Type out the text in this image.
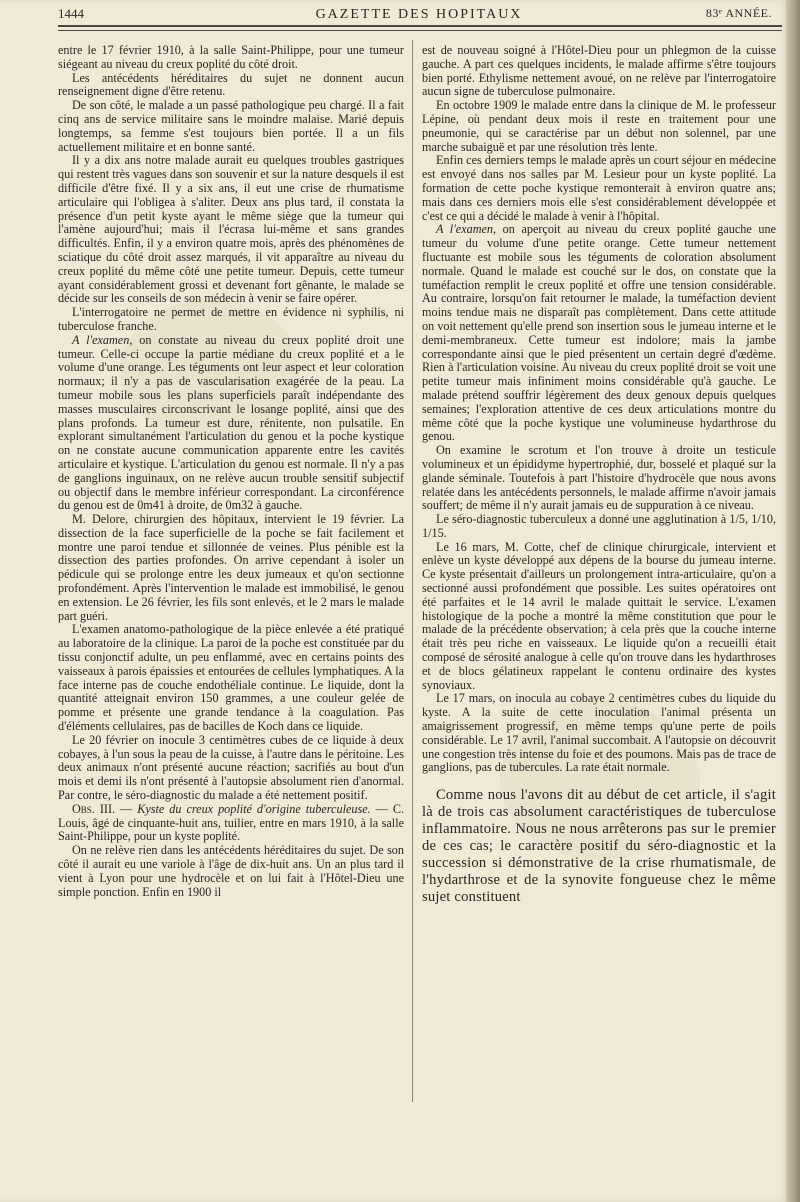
1444	GAZETTE DES HOPITAUX	83ᵉ ANNÉE.

entre le 17 février 1910, à la salle Saint-Philippe, pour une tumeur siégeant au niveau du creux poplité du côté droit.

Les antécédents héréditaires du sujet ne donnent aucun renseignement digne d'être retenu.

De son côté, le malade a un passé pathologique peu chargé. Il a fait cinq ans de service militaire sans le moindre malaise. Marié depuis longtemps, sa femme s'est toujours bien portée. Il a un fils actuellement militaire et en bonne santé.

Il y a dix ans notre malade aurait eu quelques troubles gastriques qui restent très vagues dans son souvenir et sur la nature desquels il est difficile d'être fixé. Il y a six ans, il eut une crise de rhumatisme articulaire qui l'obligea à s'aliter. Deux ans plus tard, il constata la présence d'un petit kyste ayant le même siège que la tumeur qui l'amène aujourd'hui; mais il l'écrasa lui-même et sans grandes difficultés. Enfin, il y a environ quatre mois, après des phénomènes de sciatique du côté droit assez marqués, il vit apparaître au niveau du creux poplité du même côté une petite tumeur. Depuis, cette tumeur ayant considérablement grossi et devenant fort gênante, le malade se décide sur les conseils de son médecin à venir se faire opérer.

L'interrogatoire ne permet de mettre en évidence ni syphilis, ni tuberculose franche.

A l'examen, on constate au niveau du creux poplité droit une tumeur. Celle-ci occupe la partie médiane du creux poplité et a le volume d'une orange. Les téguments ont leur aspect et leur coloration normaux; il n'y a pas de vascularisation exagérée de la peau. La tumeur mobile sous les plans superficiels paraît indépendante des masses musculaires circonscrivant le losange poplité, ainsi que des plans profonds. La tumeur est dure, rénitente, non pulsatile. En explorant simultanément l'articulation du genou et la poche kystique on ne constate aucune communication apparente entre les cavités articulaire et kystique. L'articulation du genou est normale. Il n'y a pas de ganglions inguinaux, on ne relève aucun trouble sensitif subjectif ou objectif dans le membre inférieur correspondant. La circonférence du genou est de 0m41 à droite, de 0m32 à gauche.

M. Delore, chirurgien des hôpitaux, intervient le 19 février. La dissection de la face superficielle de la poche se fait facilement et montre une paroi tendue et sillonnée de veines. Plus pénible est la dissection des parties profondes. On arrive cependant à isoler un pédicule qui se prolonge entre les deux jumeaux et qu'on sectionne profondément. Après l'intervention le malade est immobilisé, le genou en extension. Le 26 février, les fils sont enlevés, et le 2 mars le malade part guéri.

L'examen anatomo-pathologique de la pièce enlevée a été pratiqué au laboratoire de la clinique. La paroi de la poche est constituée par du tissu conjonctif adulte, un peu enflammé, avec en certains points des vaisseaux à parois épaissies et entourées de cellules lymphatiques. A la face interne pas de couche endothéliale continue. Le liquide, dont la quantité atteignait environ 150 grammes, a une couleur gelée de pomme et présente une grande tendance à la coagulation. Pas d'éléments cellulaires, pas de bacilles de Koch dans ce liquide.

Le 20 février on inocule 3 centimètres cubes de ce liquide à deux cobayes, à l'un sous la peau de la cuisse, à l'autre dans le péritoine. Les deux animaux n'ont présenté aucune réaction; sacrifiés au bout d'un mois et demi ils n'ont présenté à l'autopsie absolument rien d'anormal. Par contre, le séro-diagnostic du malade a été nettement positif.

Obs. III. — Kyste du creux poplité d'origine tuberculeuse. — C. Louis, âgé de cinquante-huit ans, tuilier, entre en mars 1910, à la salle Saint-Philippe, pour un kyste poplité.

On ne relève rien dans les antécédents héréditaires du sujet. De son côté il aurait eu une variole à l'âge de dix-huit ans. Un an plus tard il vient à Lyon pour une hydrocèle et on lui fait à l'Hôtel-Dieu une simple ponction. Enfin en 1900 il

est de nouveau soigné à l'Hôtel-Dieu pour un phlegmon de la cuisse gauche. A part ces quelques incidents, le malade affirme s'être toujours bien porté. Ethylisme nettement avoué, on ne relève par l'interrogatoire aucun signe de tuberculose pulmonaire.

En octobre 1909 le malade entre dans la clinique de M. le professeur Lépine, où pendant deux mois il reste en traitement pour une pneumonie, qui se caractérise par un début non solennel, par une marche subaiguë et par une résolution très lente.

Enfin ces derniers temps le malade après un court séjour en médecine est envoyé dans nos salles par M. Lesieur pour un kyste poplité. La formation de cette poche kystique remonterait à environ quatre ans; mais dans ces derniers mois elle s'est considérablement développée et c'est ce qui a décidé le malade à venir à l'hôpital.

A l'examen, on aperçoit au niveau du creux poplité gauche une tumeur du volume d'une petite orange. Cette tumeur nettement fluctuante est mobile sous les téguments de coloration absolument normale. Quand le malade est couché sur le dos, on constate que la tuméfaction remplit le creux poplité et offre une tension considérable. Au contraire, lorsqu'on fait retourner le malade, la tuméfaction devient moins tendue mais ne disparaît pas complètement. Dans cette attitude on voit nettement qu'elle prend son insertion sous le jumeau interne et le demi-membraneux. Cette tumeur est indolore; mais la jambe correspondante ainsi que le pied présentent un certain degré d'œdème. Rien à l'articulation voisine. Au niveau du creux poplité droit se voit une petite tumeur mais infiniment moins considérable qu'à gauche. Le malade prétend souffrir légèrement des deux genoux depuis quelques semaines; l'exploration attentive de ces deux articulations montre du même côté que la poche kystique une volumineuse hydarthrose du genou.

On examine le scrotum et l'on trouve à droite un testicule volumineux et un épididyme hypertrophié, dur, bosselé et plaqué sur la glande séminale. Toutefois à part l'histoire d'hydrocèle que nous avons relatée dans les antécédents personnels, le malade affirme n'avoir jamais souffert; de même il n'y aurait jamais eu de suppuration à ce niveau.

Le séro-diagnostic tuberculeux a donné une agglutination à 1/5, 1/10, 1/15.

Le 16 mars, M. Cotte, chef de clinique chirurgicale, intervient et enlève un kyste développé aux dépens de la bourse du jumeau interne. Ce kyste présentait d'ailleurs un prolongement intra-articulaire, qu'on a sectionné aussi profondément que possible. Les suites opératoires ont été parfaites et le 14 avril le malade quittait le service. L'examen histologique de la poche a montré la même constitution que pour le malade de la précédente observation; à cela près que la couche interne était très peu riche en vaisseaux. Le liquide qu'on a recueilli était composé de sérosité analogue à celle qu'on trouve dans les hydarthroses et de blocs gélatineux rappelant le contenu ordinaire des kystes synoviaux.

Le 17 mars, on inocula au cobaye 2 centimètres cubes du liquide du kyste. A la suite de cette inoculation l'animal présenta un amaigrissement progressif, en même temps qu'une perte de poils considérable. Le 17 avril, l'animal succombait. A l'autopsie on découvrit une congestion très intense du foie et des poumons. Mais pas de trace de ganglions, pas de tubercules. La rate était normale.

Comme nous l'avons dit au début de cet article, il s'agit là de trois cas absolument caractéristiques de tuberculose inflammatoire. Nous ne nous arrêterons pas sur le premier de ces cas; le caractère positif du séro-diagnostic et la succession si démonstrative de la crise rhumatismale, de l'hydarthrose et de la synovite fongueuse chez le même sujet constituent
